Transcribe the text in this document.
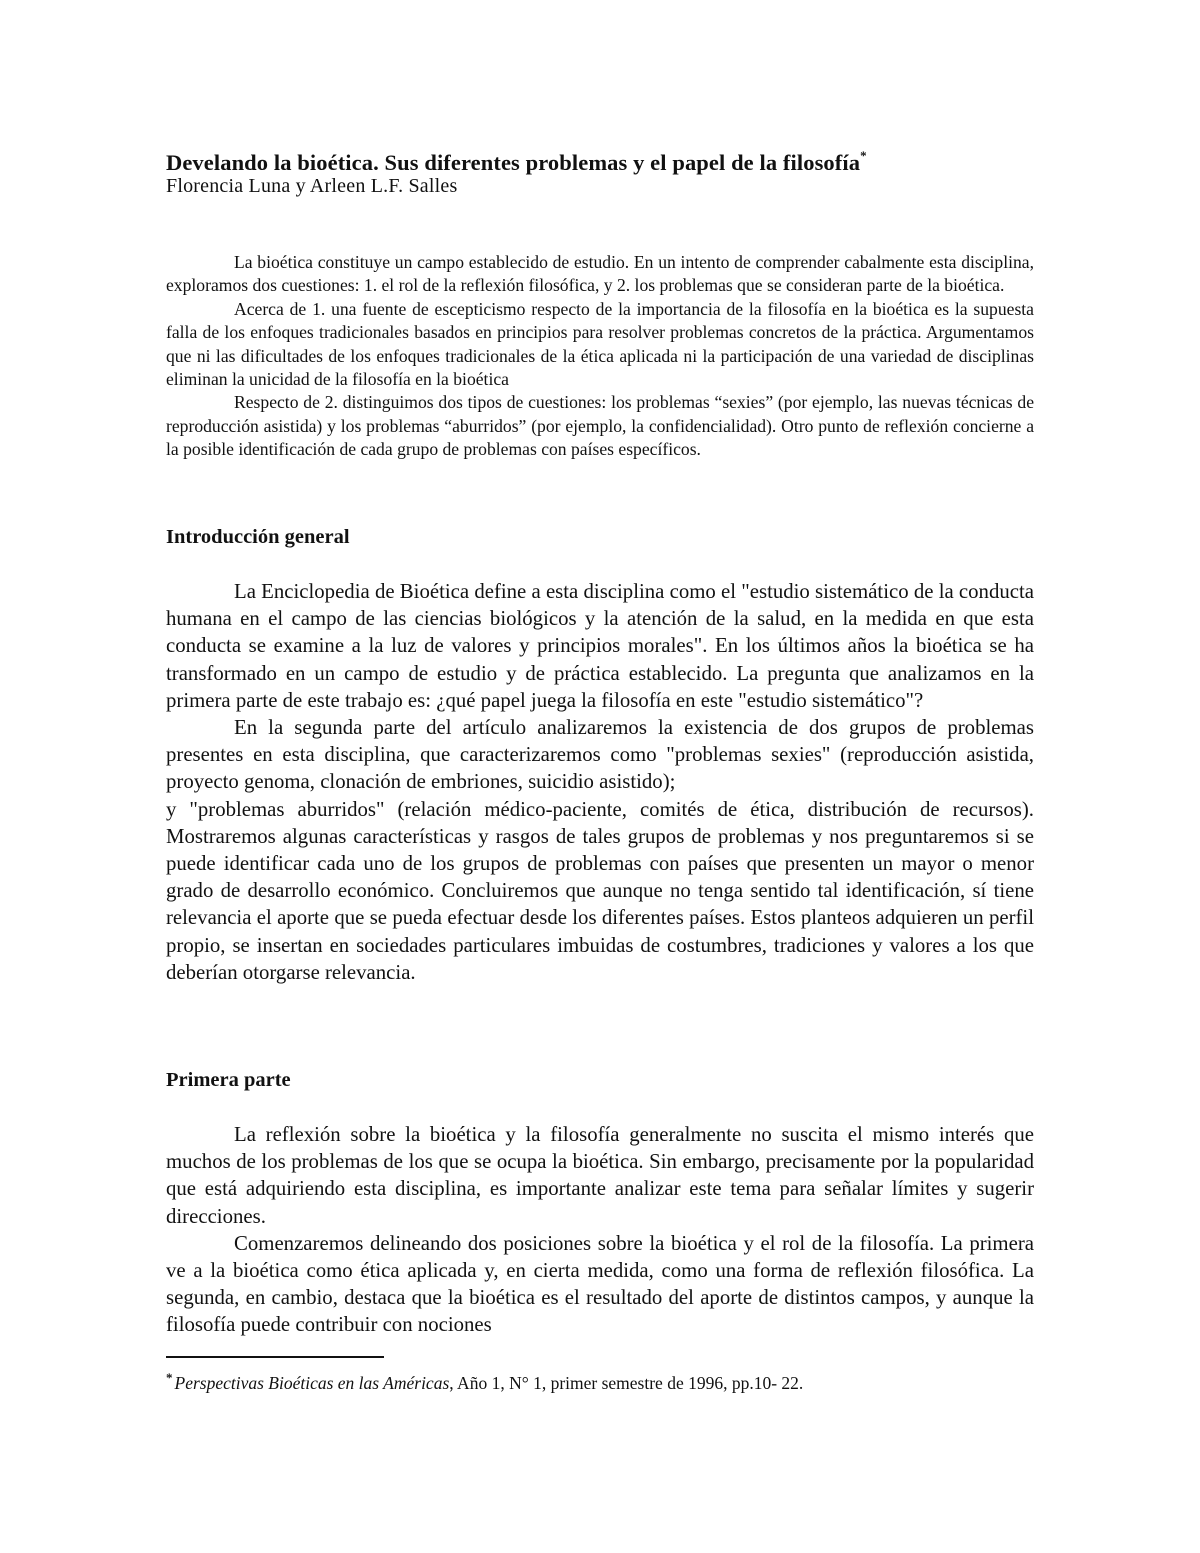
Develando la bioética. Sus diferentes problemas y el papel de la filosofía*
Florencia Luna y Arleen L.F. Salles

La bioética constituye un campo establecido de estudio. En un intento de comprender cabalmente esta disciplina, exploramos dos cuestiones: 1. el rol de la reflexión filosófica, y 2. los problemas que se consideran parte de la bioética.

Acerca de 1. una fuente de escepticismo respecto de la importancia de la filosofía en la bioética es la supuesta falla de los enfoques tradicionales basados en principios para resolver problemas concretos de la práctica. Argumentamos que ni las dificultades de los enfoques tradicionales de la ética aplicada ni la participación de una variedad de disciplinas eliminan la unicidad de la filosofía en la bioética

Respecto de 2. distinguimos dos tipos de cuestiones: los problemas “sexies” (por ejemplo, las nuevas técnicas de reproducción asistida) y los problemas “aburridos” (por ejemplo, la confidencialidad). Otro punto de reflexión concierne a la posible identificación de cada grupo de problemas con países específicos.

Introducción general

La Enciclopedia de Bioética define a esta disciplina como el "estudio sistemático de la conducta humana en el campo de las ciencias biológicos y la atención de la salud, en la medida en que esta conducta se examine a la luz de valores y principios morales". En los últimos años la bioética se ha transformado en un campo de estudio y de práctica establecido. La pregunta que analizamos en la primera parte de este trabajo es: ¿qué papel juega la filosofía en este "estudio sistemático"?

En la segunda parte del artículo analizaremos la existencia de dos grupos de problemas presentes en esta disciplina, que caracterizaremos como "problemas sexies" (reproducción asistida, proyecto genoma, clonación de embriones, suicidio asistido);

y "problemas aburridos" (relación médico-paciente, comités de ética, distribución de recursos). Mostraremos algunas características y rasgos de tales grupos de problemas y nos preguntaremos si se puede identificar cada uno de los grupos de problemas con países que presenten un mayor o menor grado de desarrollo económico. Concluiremos que aunque no tenga sentido tal identificación, sí tiene relevancia el aporte que se pueda efectuar desde los diferentes países. Estos planteos adquieren un perfil propio, se insertan en sociedades particulares imbuidas de costumbres, tradiciones y valores a los que deberían otorgarse relevancia.

Primera parte

La reflexión sobre la bioética y la filosofía generalmente no suscita el mismo interés que muchos de los problemas de los que se ocupa la bioética. Sin embargo, precisamente por la popularidad que está adquiriendo esta disciplina, es importante analizar este tema para señalar límites y sugerir direcciones.

Comenzaremos delineando dos posiciones sobre la bioética y el rol de la filosofía. La primera ve a la bioética como ética aplicada y, en cierta medida, como una forma de reflexión filosófica. La segunda, en cambio, destaca que la bioética es el resultado del aporte de distintos campos, y aunque la filosofía puede contribuir con nociones

* Perspectivas Bioéticas en las Américas, Año 1, N° 1, primer semestre de 1996, pp.10- 22.
